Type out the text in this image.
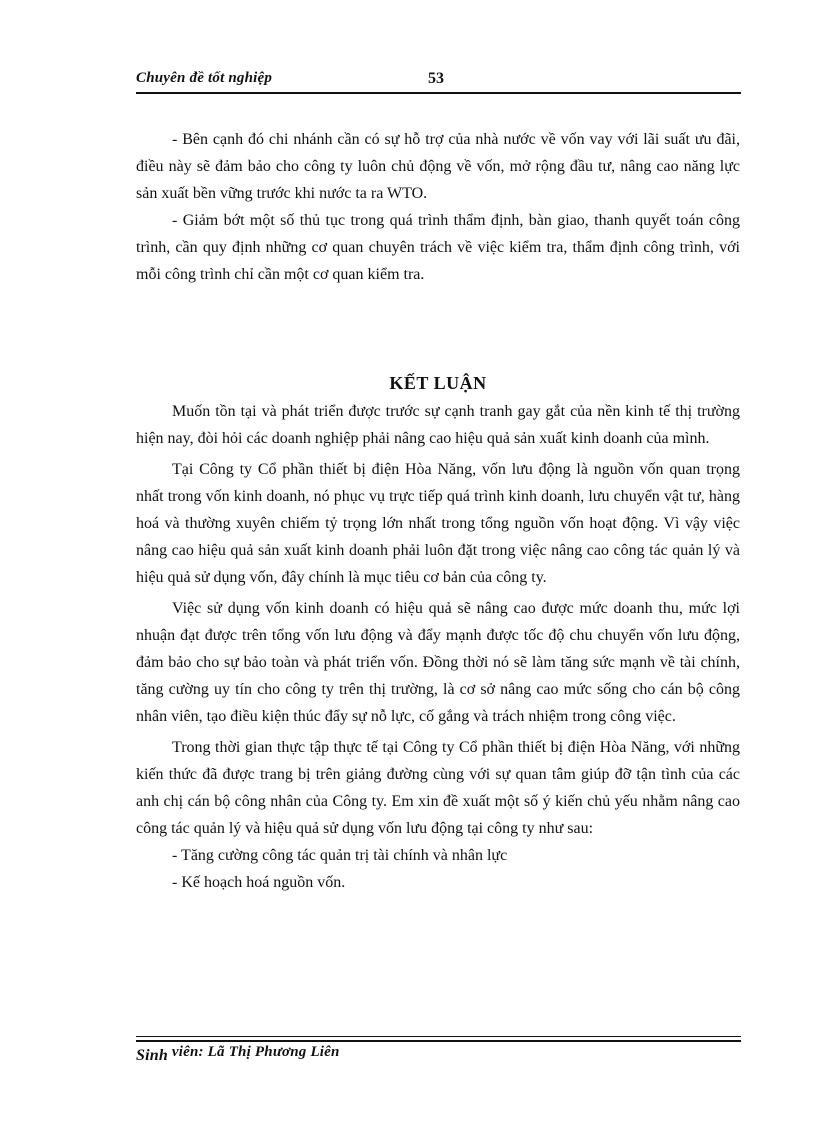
Chuyên đề tốt nghiệp	53

- Bên cạnh đó chi nhánh cần có sự hỗ trợ của nhà nước về vốn vay với lãi suất ưu đãi, điều này sẽ đảm bảo cho công ty luôn chủ động về vốn, mở rộng đầu tư, nâng cao năng lực sản xuất bền vững trước khi nước ta ra WTO.

- Giảm bớt một số thủ tục trong quá trình thẩm định, bàn giao, thanh quyết toán công trình, cần quy định những cơ quan chuyên trách về việc kiểm tra, thẩm định công trình, với mỗi công trình chỉ cần một cơ quan kiểm tra.

KẾT LUẬN

Muốn tồn tại và phát triển được trước sự cạnh tranh gay gắt của nền kinh tế thị trường hiện nay, đòi hỏi các doanh nghiệp phải nâng cao hiệu quả sản xuất kinh doanh của mình.

Tại Công ty Cổ phần thiết bị điện Hòa Năng, vốn lưu động là nguồn vốn quan trọng nhất trong vốn kinh doanh, nó phục vụ trực tiếp quá trình kinh doanh, lưu chuyển vật tư, hàng hoá và thường xuyên chiếm tỷ trọng lớn nhất trong tổng nguồn vốn hoạt động. Vì vậy việc nâng cao hiệu quả sản xuất kinh doanh phải luôn đặt trong việc nâng cao công tác quản lý và hiệu quả sử dụng vốn, đây chính là mục tiêu cơ bản của công ty.

Việc sử dụng vốn kinh doanh có hiệu quả sẽ nâng cao được mức doanh thu, mức lợi nhuận đạt được trên tổng vốn lưu động và đẩy mạnh được tốc độ chu chuyển vốn lưu động, đảm bảo cho sự bảo toàn và phát triển vốn. Đồng thời nó sẽ làm tăng sức mạnh về tài chính, tăng cường uy tín cho công ty trên thị trường, là cơ sở nâng cao mức sống cho cán bộ công nhân viên, tạo điều kiện thúc đẩy sự nỗ lực, cố gắng và trách nhiệm trong công việc.

Trong thời gian thực tập thực tế tại Công ty Cổ phần thiết bị điện Hòa Năng, với những kiến thức đã được trang bị trên giảng đường cùng với sự quan tâm giúp đỡ tận tình của các anh chị cán bộ công nhân của Công ty. Em xin đề xuất một số ý kiến chủ yếu nhằm nâng cao công tác quản lý và hiệu quả sử dụng vốn lưu động tại công ty như sau:

- Tăng cường công tác quản trị tài chính và nhân lực

- Kế hoạch hoá nguồn vốn.

Sinh viên: Lã Thị Phương Liên
